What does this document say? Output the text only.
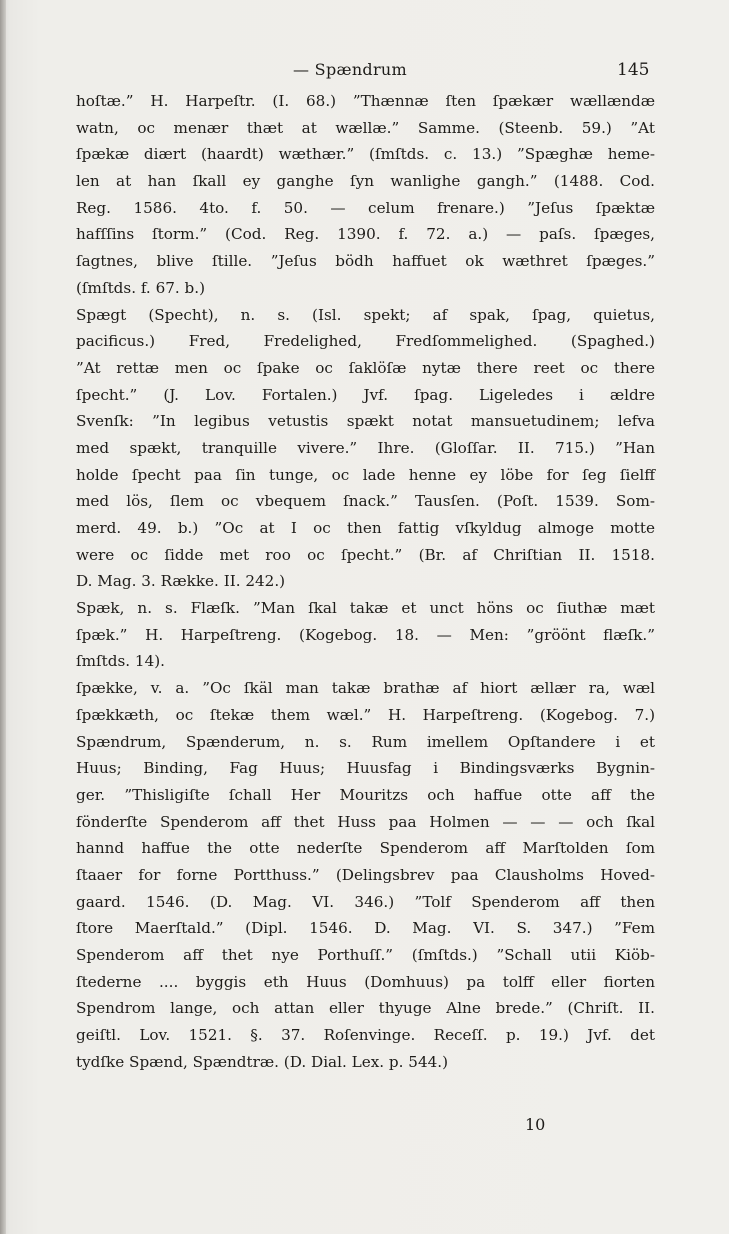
— Spændrum	145
hoſtæ.” H. Harpeſtr. (I. 68.) ”Thænnæ ſten ſpækær wællændæ
watn, oc menær thæt at wællæ.” Samme. (Steenb. 59.) ”At
ſpækæ diært (haardt) wæthær.” (ſmſtds. c. 13.) ”Spæghæ heme-
len at han ſkall ey ganghe ſyn wanlighe gangh.” (1488. Cod.
Reg. 1586. 4to. f. 50. — celum frenare.) ”Jeſus ſpæktæ
hafſſins ſtorm.” (Cod. Reg. 1390. f. 72. a.) — paſs. ſpæges,
ſagtnes, blive ſtille. ”Jeſus bödh haffuet ok wæthret ſpæges.”
(ſmſtds. f. 67. b.)
Spægt (Specht), n. s. (Isl. spekt; af spak, ſpag, quietus,
pacificus.) Fred, Fredelighed, Fredſommelighed. (Spaghed.)
”At rettæ men oc ſpake oc ſaklöſæ nytæ there reet oc there
ſpecht.” (J. Lov. Fortalen.) Jvf. ſpag. Ligeledes i ældre
Svenſk: ”In legibus vetustis spækt notat mansuetudinem; lefva
med spækt, tranquille vivere.” Ihre. (Gloſſar. II. 715.) ”Han
holde ſpecht paa ſin tunge, oc lade henne ey löbe for ſeg ſielff
med lös, ſlem oc vbequem ſnack.” Tausſen. (Poſt. 1539. Som-
merd. 49. b.) ”Oc at I oc then fattig vſkyldug almoge motte
were oc ſidde met roo oc ſpecht.” (Br. af Chriſtian II. 1518.
D. Mag. 3. Række. II. 242.)
Spæk, n. s. Flæſk. ”Man ſkal takæ et unct höns oc ſiuthæ mæt
ſpæk.” H. Harpeſtreng. (Kogebog. 18. — Men: ”gröönt flæſk.”
ſmſtds. 14).
ſpække, v. a. ”Oc ſkäl man takæ brathæ af hiort ællær ra, wæl
ſpækkæth, oc ſtekæ them wæl.” H. Harpeſtreng. (Kogebog. 7.)
Spændrum, Spænderum, n. s. Rum imellem Opſtandere i et
Huus; Binding, Fag Huus; Huusfag i Bindingsværks Bygnin-
ger. ”Thisligiſte ſchall Her Mouritzs och haffue otte aff the
fönderſte Spenderom aff thet Huss paa Holmen — — — och ſkal
hannd haffue the otte nederſte Spenderom aff Marſtolden ſom
ſtaaer for forne Portthuss.” (Delingsbrev paa Clausholms Hoved-
gaard. 1546. (D. Mag. VI. 346.) ”Tolf Spenderom aff then
ſtore Maerſtald.” (Dipl. 1546. D. Mag. VI. S. 347.) ”Fem
Spenderom aff thet nye Porthuſſ.” (ſmſtds.) ”Schall utii Kiöb-
ſtederne .... byggis eth Huus (Domhuus) pa tolff eller fiorten
Spendrom lange, och attan eller thyuge Alne brede.” (Chriſt. II.
geiſtl. Lov. 1521. §. 37. Roſenvinge. Receſſ. p. 19.) Jvf. det
tydſke Spænd, Spændtræ. (D. Dial. Lex. p. 544.)
10
